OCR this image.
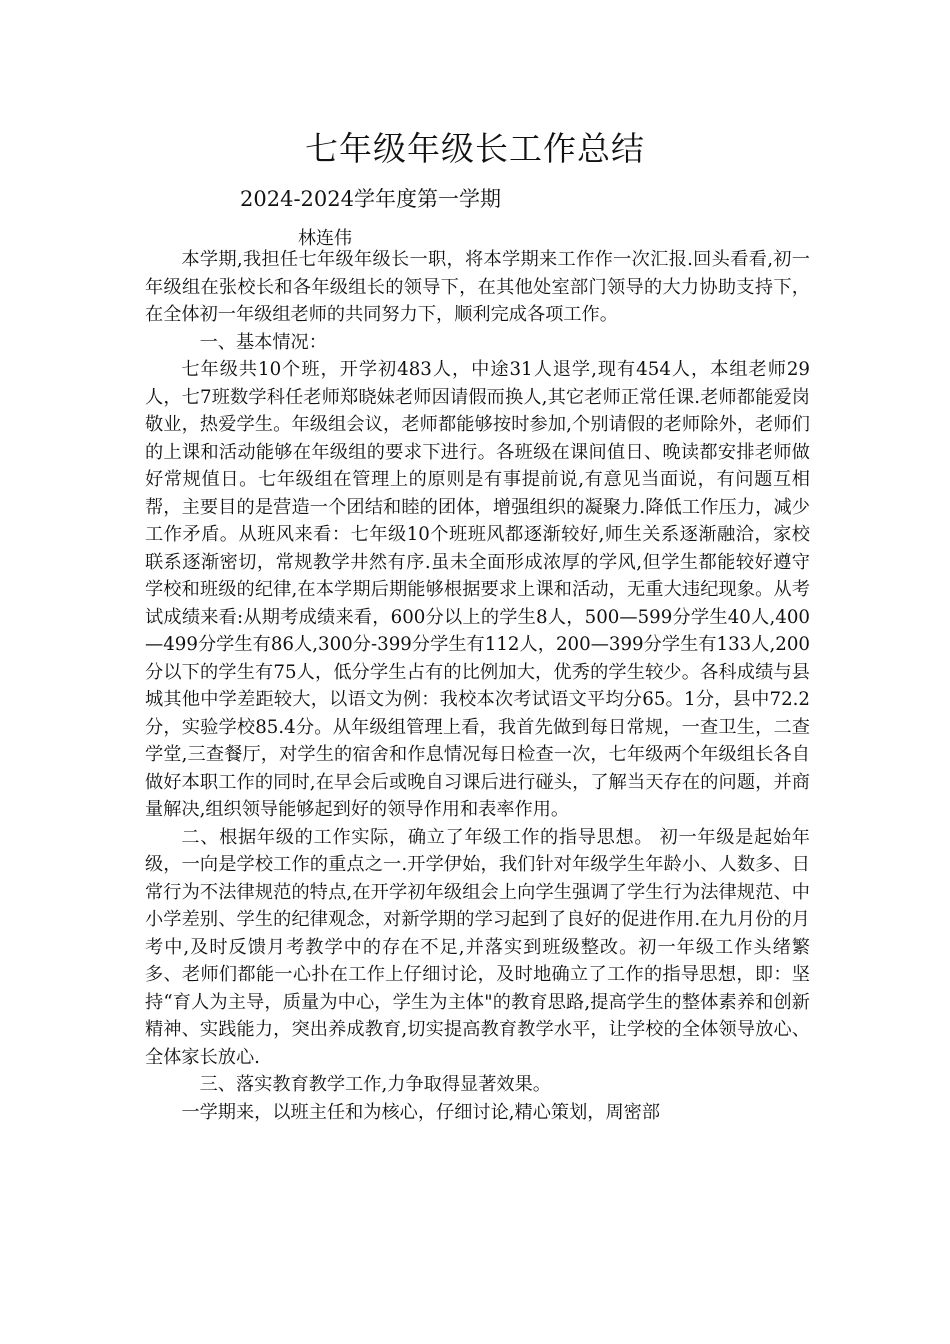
七年级年级长工作总结
2024-2024学年度第一学期
林连伟

本学期,我担任七年级年级长一职，将本学期来工作作一次汇报.回头看看,初一年级组在张校长和各年级组长的领导下，在其他处室部门领导的大力协助支持下，在全体初一年级组老师的共同努力下，顺利完成各项工作。

一、基本情况：

七年级共10个班，开学初483人，中途31人退学,现有454人，本组老师29人，七7班数学科任老师郑晓妹老师因请假而换人,其它老师正常任课.老师都能爱岗敬业，热爱学生。年级组会议，老师都能够按时参加,个别请假的老师除外，老师们的上课和活动能够在年级组的要求下进行。各班级在课间值日、晚读都安排老师做好常规值日。七年级组在管理上的原则是有事提前说,有意见当面说，有问题互相帮，主要目的是营造一个团结和睦的团体，增强组织的凝聚力.降低工作压力，减少工作矛盾。从班风来看：七年级10个班班风都逐渐较好,师生关系逐渐融洽，家校联系逐渐密切，常规教学井然有序.虽未全面形成浓厚的学风,但学生都能较好遵守学校和班级的纪律,在本学期后期能够根据要求上课和活动，无重大违纪现象。从考试成绩来看:从期考成绩来看，600分以上的学生8人，500—599分学生40人,400—499分学生有86人,300分-399分学生有112人，200—399分学生有133人,200分以下的学生有75人，低分学生占有的比例加大，优秀的学生较少。各科成绩与县城其他中学差距较大，以语文为例：我校本次考试语文平均分65。1分，县中72.2分，实验学校85.4分。从年级组管理上看，我首先做到每日常规，一查卫生，二查学堂,三查餐厅，对学生的宿舍和作息情况每日检查一次，七年级两个年级组长各自做好本职工作的同时,在早会后或晚自习课后进行碰头，了解当天存在的问题，并商量解决,组织领导能够起到好的领导作用和表率作用。

二、根据年级的工作实际，确立了年级工作的指导思想。 初一年级是起始年级，一向是学校工作的重点之一.开学伊始，我们针对年级学生年龄小、人数多、日常行为不法律规范的特点,在开学初年级组会上向学生强调了学生行为法律规范、中小学差别、学生的纪律观念，对新学期的学习起到了良好的促进作用.在九月份的月考中,及时反馈月考教学中的存在不足,并落实到班级整改。初一年级工作头绪繁多、老师们都能一心扑在工作上仔细讨论，及时地确立了工作的指导思想，即：坚持“育人为主导，质量为中心，学生为主体"的教育思路,提高学生的整体素养和创新精神、实践能力，突出养成教育,切实提高教育教学水平，让学校的全体领导放心、全体家长放心.

三、落实教育教学工作,力争取得显著效果。

一学期来，以班主任和为核心，仔细讨论,精心策划，周密部
